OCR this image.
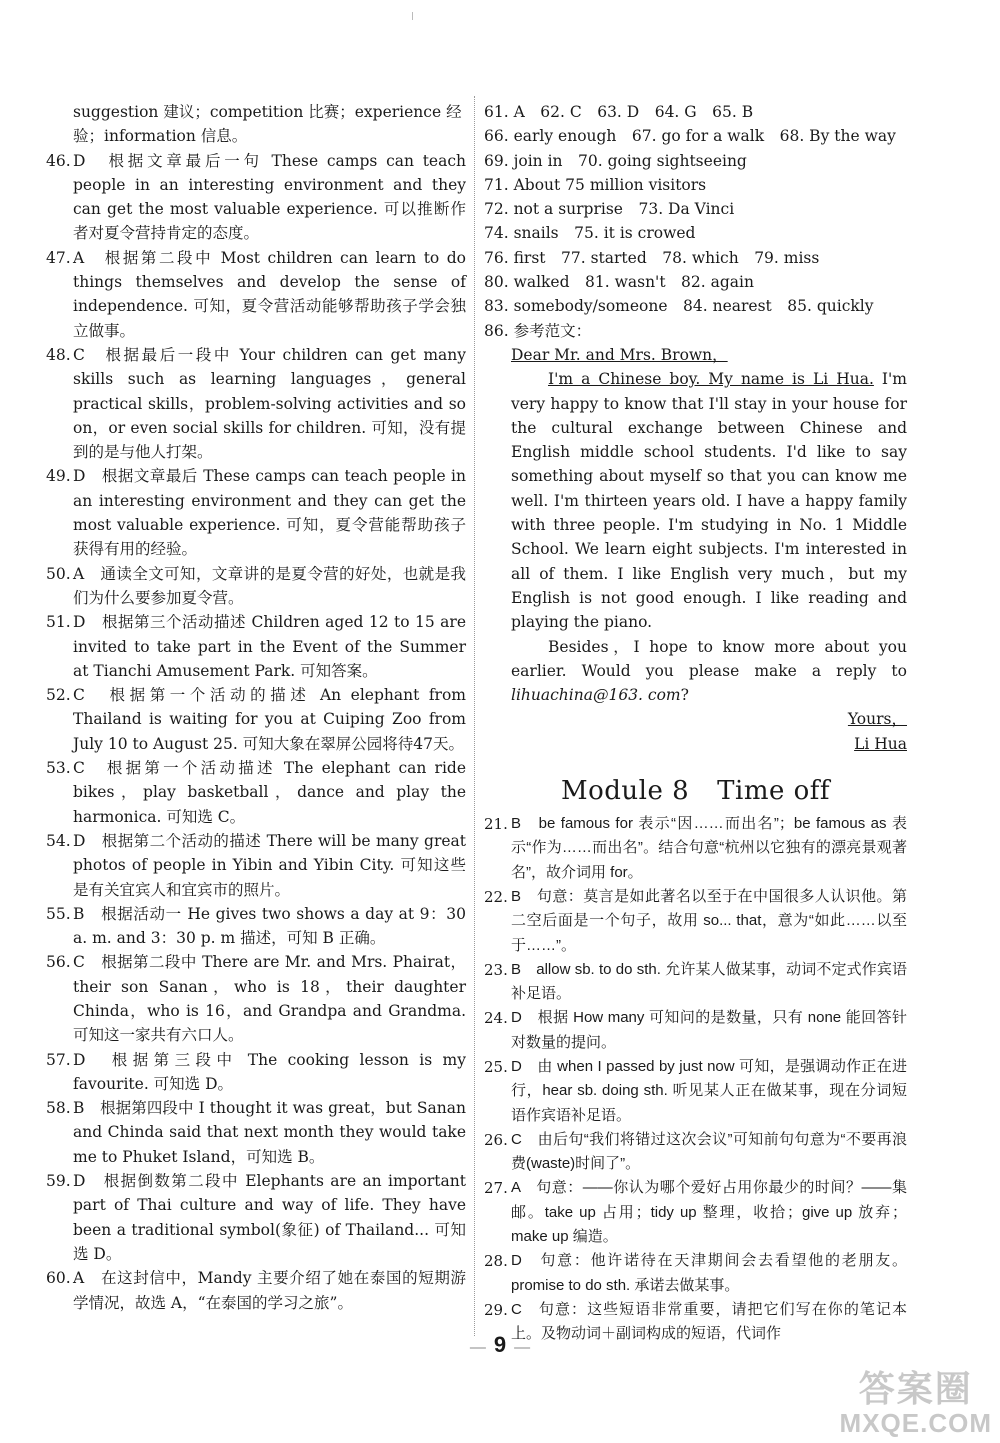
suggestion 建议；competition 比赛；experience 经
验；information 信息。
46. D　根据文章最后一句 These camps can teach people in an interesting environment and they can get the most valuable experience. 可以推断作者对夏令营持肯定的态度。
47. A　根据第二段中 Most children can learn to do things themselves and develop the sense of independence. 可知，夏令营活动能够帮助孩子学会独立做事。
48. C　根据最后一段中 Your children can get many skills such as learning languages，general practical skills，problem-solving activities and so on，or even social skills for children. 可知，没有提到的是与他人打架。
49. D　根据文章最后 These camps can teach people in an interesting environment and they can get the most valuable experience. 可知，夏令营能帮助孩子获得有用的经验。
50. A　通读全文可知，文章讲的是夏令营的好处，也就是我们为什么要参加夏令营。
51. D　根据第三个活动描述 Children aged 12 to 15 are invited to take part in the Event of the Summer at Tianchi Amusement Park. 可知答案。
52. C　根据第一个活动的描述 An elephant from Thailand is waiting for you at Cuiping Zoo from July 10 to August 25. 可知大象在翠屏公园将待47天。
53. C　根据第一个活动描述 The elephant can ride bikes，play basketball，dance and play the harmonica. 可知选 C。
54. D　根据第二个活动的描述 There will be many great photos of people in Yibin and Yibin City. 可知这些是有关宜宾人和宜宾市的照片。
55. B　根据活动一 He gives two shows a day at 9：30 a. m. and 3：30 p. m 描述，可知 B 正确。
56. C　根据第二段中 There are Mr. and Mrs. Phairat，their son Sanan，who is 18，their daughter Chinda，who is 16，and Grandpa and Grandma. 可知这一家共有六口人。
57. D　根据第三段中 The cooking lesson is my favourite. 可知选 D。
58. B　根据第四段中 I thought it was great，but Sanan and Chinda said that next month they would take me to Phuket Island，可知选 B。
59. D　根据倒数第二段中 Elephants are an important part of Thai culture and way of life. They have been a traditional symbol(象征) of Thailand... 可知选 D。
60. A　在这封信中，Mandy 主要介绍了她在泰国的短期游学情况，故选 A，“在泰国的学习之旅”。
61. A　62. C　63. D　64. G　65. B
66. early enough　67. go for a walk　68. By the way
69. join in　70. going sightseeing
71. About 75 million visitors
72. not a surprise　73. Da Vinci
74. snails　75. it is crowed
76. first　77. started　78. which　79. miss
80. walked　81. wasn't　82. again
83. somebody/someone　84. nearest　85. quickly
86. 参考范文：
Dear Mr. and Mrs. Brown，
I'm a Chinese boy. My name is Li Hua. I'm very happy to know that I'll stay in your house for the cultural exchange between Chinese and English middle school students. I'd like to say something about myself so that you can know me well. I'm thirteen years old. I have a happy family with three people. I'm studying in No. 1 Middle School. We learn eight subjects. I'm interested in all of them. I like English very much，but my English is not good enough. I like reading and playing the piano.
Besides，I hope to know more about you earlier. Would you please make a reply to lihuachina@163. com?
Yours，
Li Hua
Module 8 Time off
21. B　be famous for 表示“因……而出名”；be famous as 表示“作为……而出名”。结合句意“杭州以它独有的漂亮景观著名”，故介词用 for。
22. B　句意：莫言是如此著名以至于在中国很多人认识他。第二空后面是一个句子，故用 so... that，意为“如此……以至于……”。
23. B　allow sb. to do sth. 允许某人做某事，动词不定式作宾语补足语。
24. D　根据 How many 可知问的是数量，只有 none 能回答针对数量的提问。
25. D　由 when I passed by just now 可知，是强调动作正在进行，hear sb. doing sth. 听见某人正在做某事，现在分词短语作宾语补足语。
26. C　由后句“我们将错过这次会议”可知前句句意为“不要再浪费(waste)时间了”。
27. A　句意：——你认为哪个爱好占用你最少的时间？——集邮。take up 占用；tidy up 整理，收拾；give up 放弃；make up 编造。
28. D　句意：他许诺待在天津期间会去看望他的老朋友。promise to do sth. 承诺去做某事。
29. C　句意：这些短语非常重要，请把它们写在你的笔记本上。及物动词＋副词构成的短语，代词作
— 9 —
答案圈
MXQE.COM
